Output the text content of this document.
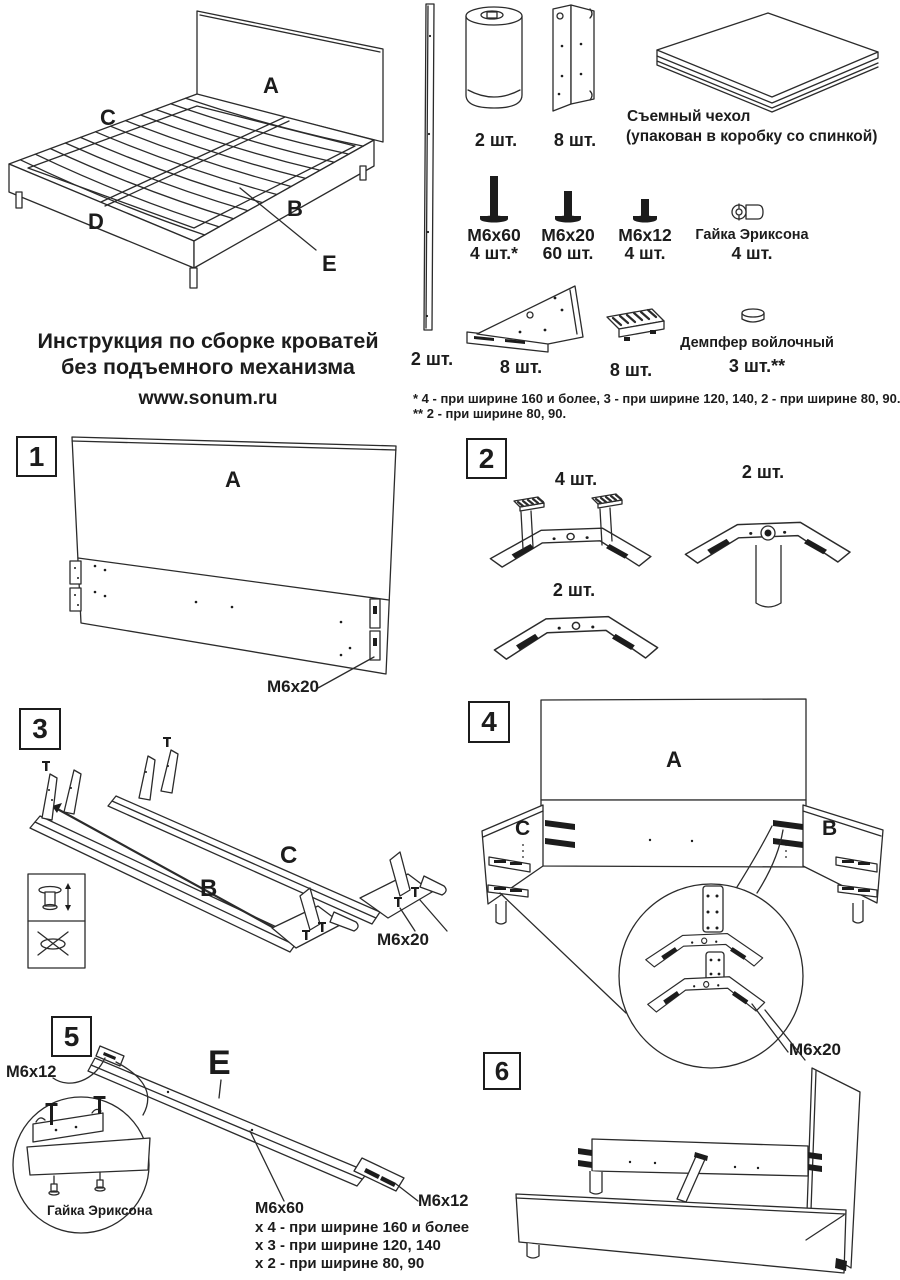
Инструкция по сборке кроватей
без подъемного механизма
www.sonum.ru
A
C
D
B
E
2 шт.
2 шт. 8 шт.
Съемный чехол
(упакован в коробку со спинкой)
M6x60
4 шт.*
M6x20
60 шт.
M6x12
4 шт.
Гайка Эриксона
4 шт.
8 шт.	8 шт.
Демпфер войлочный
3 шт.**
* 4 - при ширине 160 и более, 3 - при ширине 120, 140, 2 - при ширине 80, 90.
** 2 - при ширине 80, 90.
1	2
3	4
5
6
A
M6x20
4 шт.	2 шт.
2 шт.
C
B
M6x20
A
C	B
M6x20
E
M6x12
M6x12
Гайка Эриксона	M6x60
x 4 - при ширине 160 и более
x 3 - при ширине 120, 140
x 2 - при ширине 80, 90
